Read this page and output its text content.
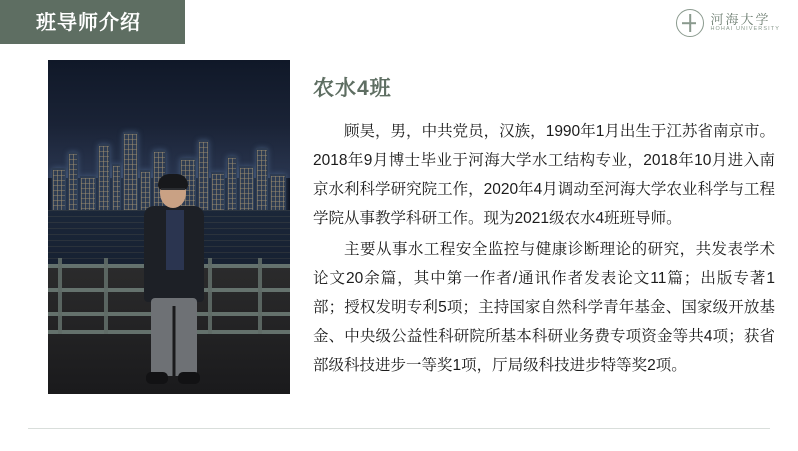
班导师介绍	河海大学
HOHAI UNIVERSITY
农水4班

顾昊，男，中共党员，汉族，1990年1月出生于江苏省南京市。2018年9月博士毕业于河海大学水工结构专业，2018年10月进入南京水利科学研究院工作，2020年4月调动至河海大学农业科学与工程学院从事教学科研工作。现为2021级农水4班班导师。

主要从事水工程安全监控与健康诊断理论的研究，共发表学术论文20余篇，其中第一作者/通讯作者发表论文11篇；出版专著1部；授权发明专利5项；主持国家自然科学青年基金、国家级开放基金、中央级公益性科研院所基本科研业务费专项资金等共4项；获省部级科技进步一等奖1项，厅局级科技进步特等奖2项。
